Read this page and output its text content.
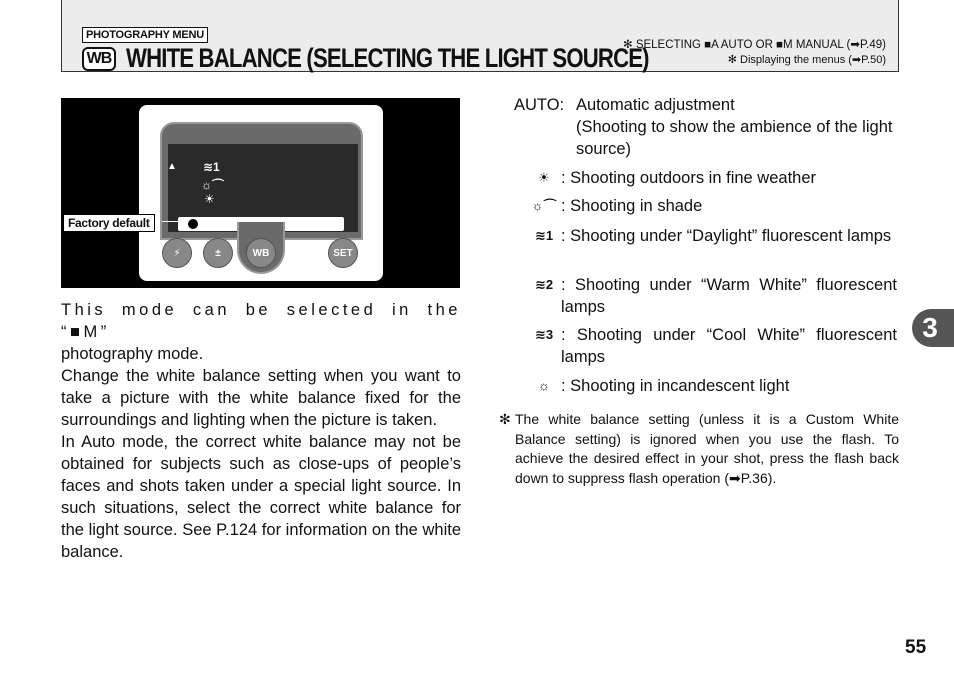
PHOTOGRAPHY MENU
WB WHITE BALANCE (SELECTING THE LIGHT SOURCE)
✻ SELECTING ■A AUTO OR ■M MANUAL (➡P.49)
✻ Displaying the menus (➡P.50)
▲ ≋1
☼⌒
☀
⚡	±	WB	SET
Factory default

This mode can be selected in the “■M”
photography mode.

Change the white balance setting when you want to take a picture with the white balance fixed for the surroundings and lighting when the picture is taken.

In Auto mode, the correct white balance may not be obtained for subjects such as close-ups of people’s faces and shots taken under a special light source. In such situations, select the correct white balance for the light source. See P.124 for information on the white balance.

AUTO: Automatic adjustment
(Shooting to show the ambience of the light source)
☀ : Shooting outdoors in fine weather
☼⌒ : Shooting in shade
≋1 : Shooting under “Daylight” fluorescent lamps
≋2 : Shooting under “Warm White” fluorescent lamps
≋3 : Shooting under “Cool White” fluorescent lamps
☼ : Shooting in incandescent light
✻ The white balance setting (unless it is a Custom White Balance setting) is ignored when you use the flash. To achieve the desired effect in your shot, press the flash back down to suppress flash operation (➡P.36).
3
55
